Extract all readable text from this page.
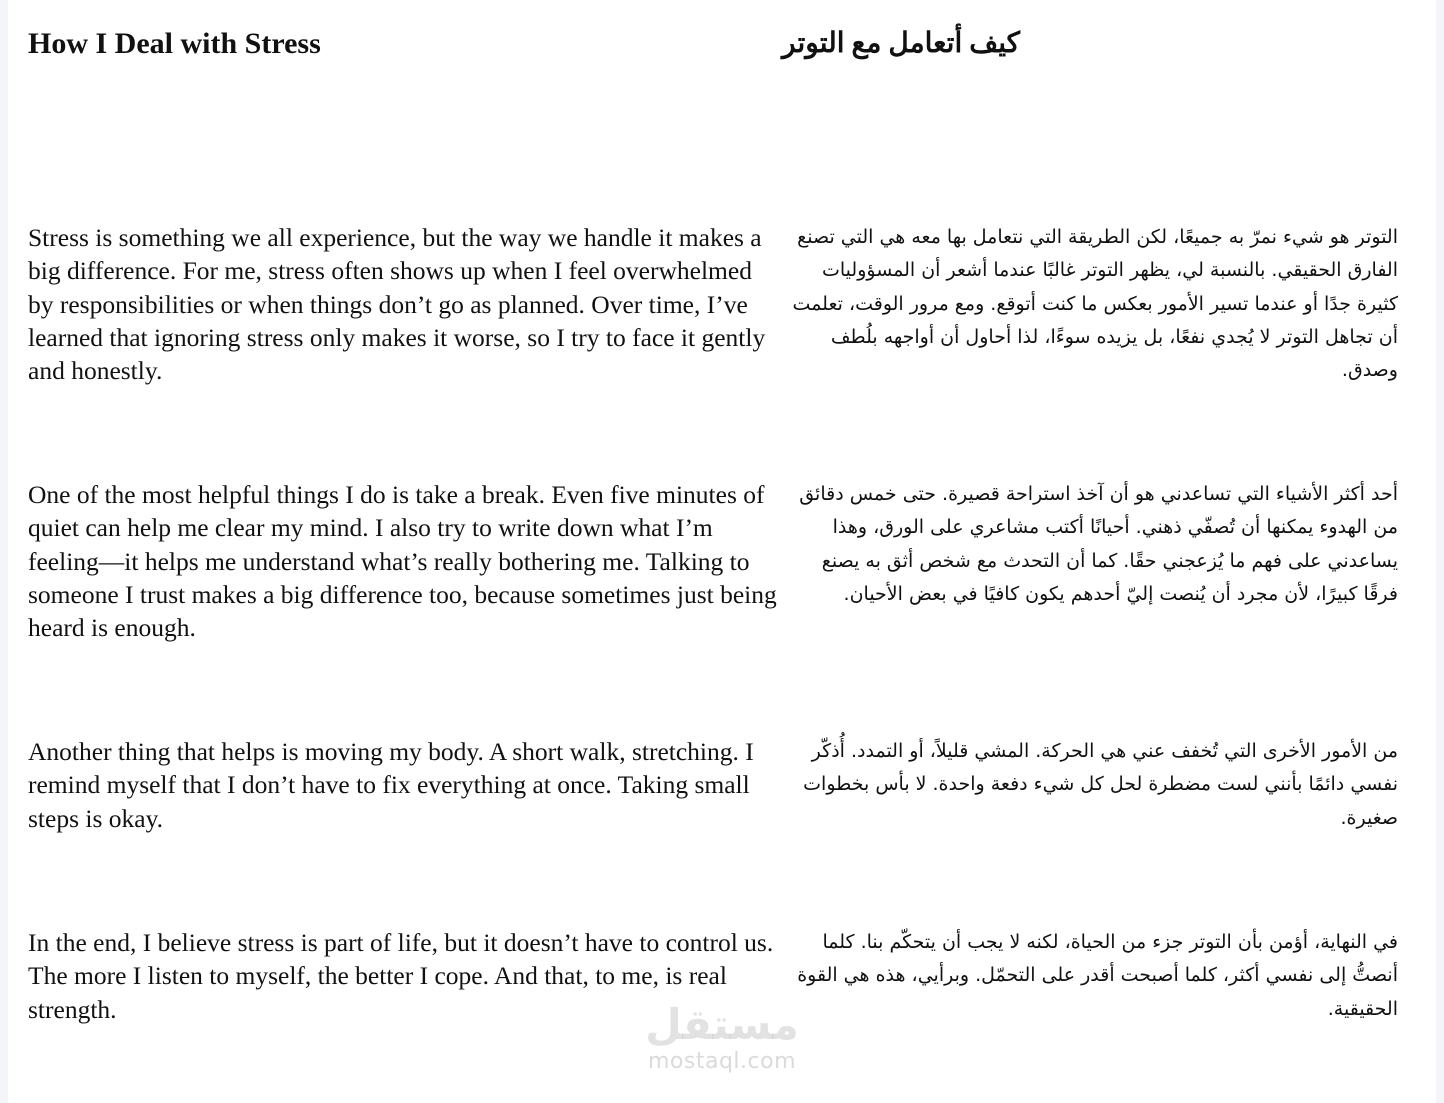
How I Deal with Stress	كيف أتعامل مع التوتر

Stress is something we all experience, but the way we handle it makes a big difference. For me, stress often shows up when I feel overwhelmed by responsibilities or when things don’t go as planned. Over time, I’ve learned that ignoring stress only makes it worse, so I try to face it gently and honestly.

التوتر هو شيء نمرّ به جميعًا، لكن الطريقة التي نتعامل بها معه هي التي تصنع الفارق الحقيقي. بالنسبة لي، يظهر التوتر غالبًا عندما أشعر أن المسؤوليات كثيرة جدًا أو عندما تسير الأمور بعكس ما كنت أتوقع. ومع مرور الوقت، تعلمت أن تجاهل التوتر لا يُجدي نفعًا، بل يزيده سوءًا، لذا أحاول أن أواجهه بلُطف وصدق.

One of the most helpful things I do is take a break. Even five minutes of quiet can help me clear my mind. I also try to write down what I’m feeling—it helps me understand what’s really bothering me. Talking to someone I trust makes a big difference too, because sometimes just being heard is enough.

أحد أكثر الأشياء التي تساعدني هو أن آخذ استراحة قصيرة. حتى خمس دقائق من الهدوء يمكنها أن تُصفّي ذهني. أحيانًا أكتب مشاعري على الورق، وهذا يساعدني على فهم ما يُزعجني حقًا. كما أن التحدث مع شخص أثق به يصنع فرقًا كبيرًا، لأن مجرد أن يُنصت إليّ أحدهم يكون كافيًا في بعض الأحيان.

Another thing that helps is moving my body. A short walk, stretching. I remind myself that I don’t have to fix everything at once. Taking small steps is okay.

من الأمور الأخرى التي تُخفف عني هي الحركة. المشي قليلاً، أو التمدد. أُذكّر نفسي دائمًا بأنني لست مضطرة لحل كل شيء دفعة واحدة. لا بأس بخطوات صغيرة.

In the end, I believe stress is part of life, but it doesn’t have to control us. The more I listen to myself, the better I cope. And that, to me, is real strength.

في النهاية، أؤمن بأن التوتر جزء من الحياة، لكنه لا يجب أن يتحكّم بنا. كلما أنصتُّ إلى نفسي أكثر، كلما أصبحت أقدر على التحمّل. وبرأيي، هذه هي القوة الحقيقية.

مستقل
mostaql.com
